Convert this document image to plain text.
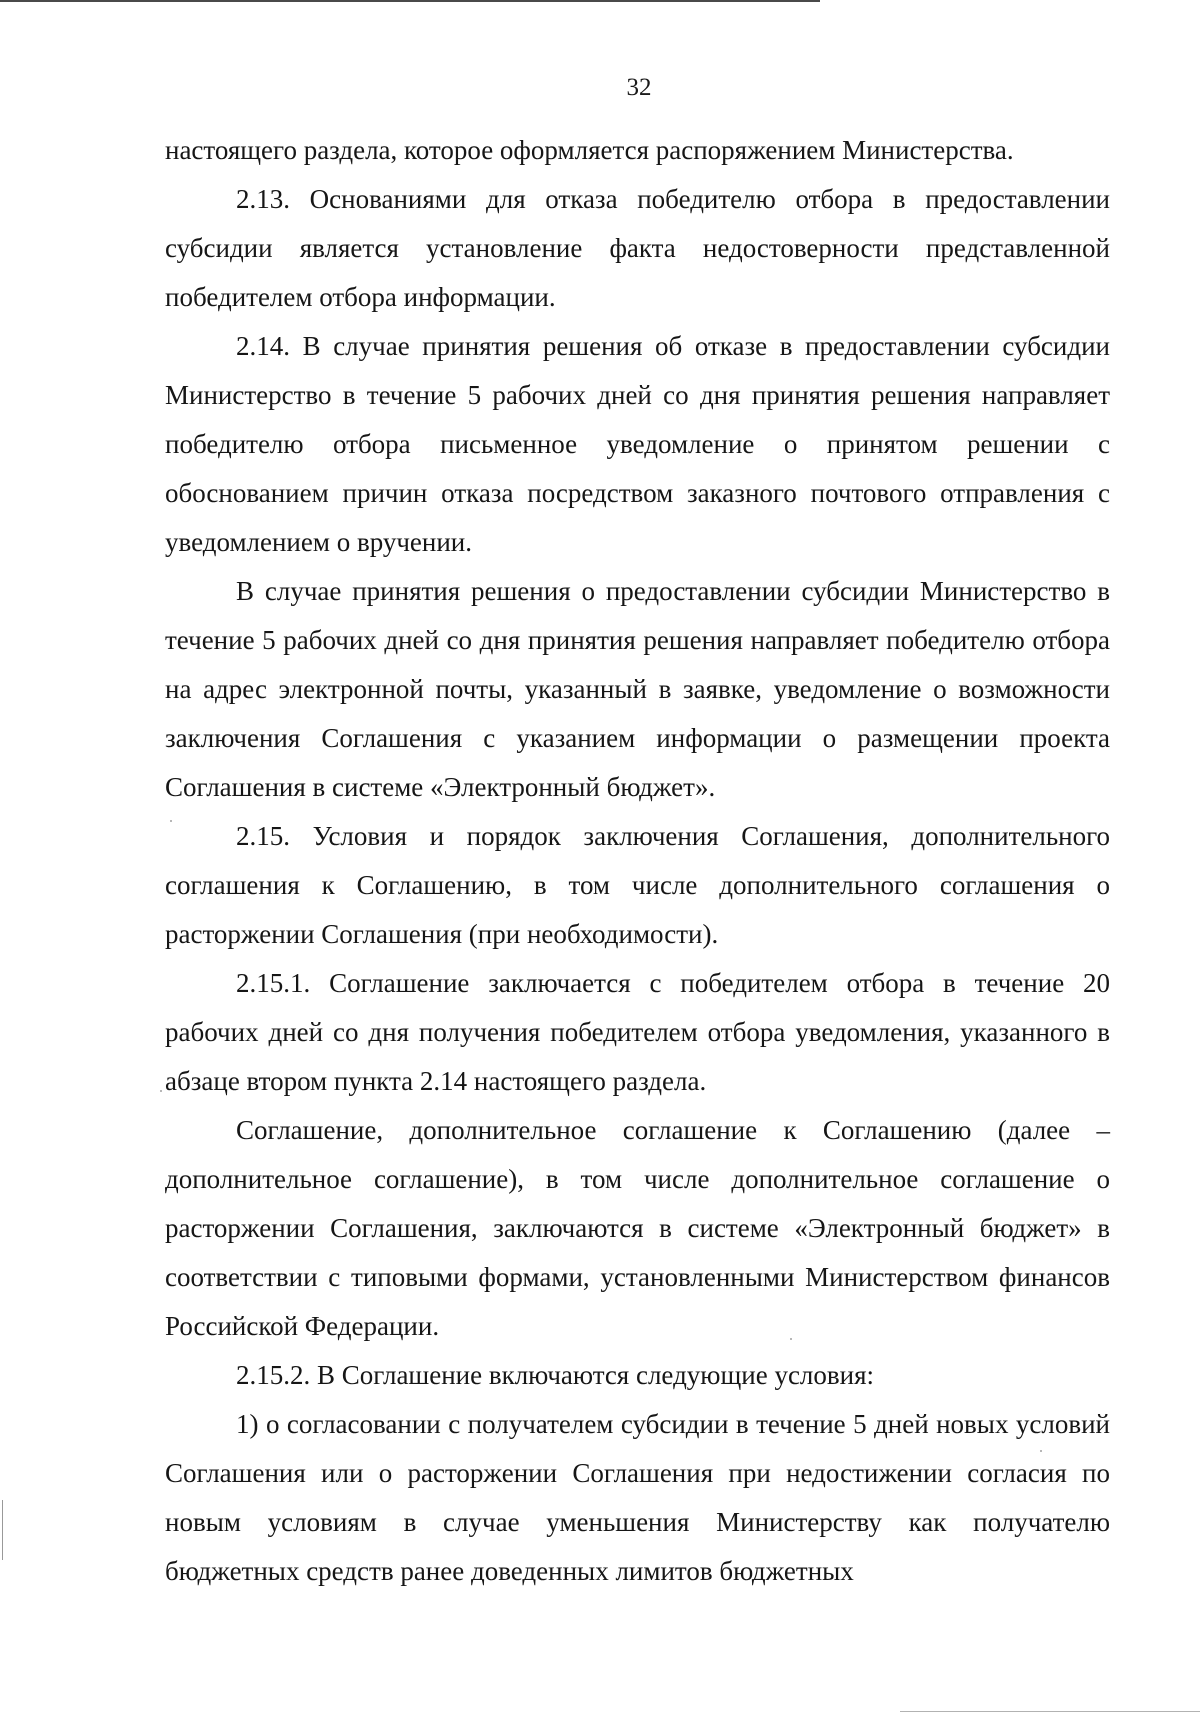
32

настоящего раздела, которое оформляется распоряжением Министерства.

2.13. Основаниями для отказа победителю отбора в предоставлении субсидии является установление факта недостоверности представленной победителем отбора информации.

2.14. В случае принятия решения об отказе в предоставлении субсидии Министерство в течение 5 рабочих дней со дня принятия решения направляет победителю отбора письменное уведомление о принятом решении с обоснованием причин отказа посредством заказного почтового отправления с уведомлением о вручении.

В случае принятия решения о предоставлении субсидии Министерство в течение 5 рабочих дней со дня принятия решения направляет победителю отбора на адрес электронной почты, указанный в заявке, уведомление о возможности заключения Соглашения с указанием информации о размещении проекта Соглашения в системе «Электронный бюджет».

2.15. Условия и порядок заключения Соглашения, дополнительного соглашения к Соглашению, в том числе дополнительного соглашения о расторжении Соглашения (при необходимости).

2.15.1. Соглашение заключается с победителем отбора в течение 20 рабочих дней со дня получения победителем отбора уведомления, указанного в абзаце втором пункта 2.14 настоящего раздела.

Соглашение, дополнительное соглашение к Соглашению (далее – дополнительное соглашение), в том числе дополнительное соглашение о расторжении Соглашения, заключаются в системе «Электронный бюджет» в соответствии с типовыми формами, установленными Министерством финансов Российской Федерации.

2.15.2. В Соглашение включаются следующие условия:

1) о согласовании с получателем субсидии в течение 5 дней новых условий Соглашения или о расторжении Соглашения при недостижении согласия по новым условиям в случае уменьшения Министерству как получателю бюджетных средств ранее доведенных лимитов бюджетных
